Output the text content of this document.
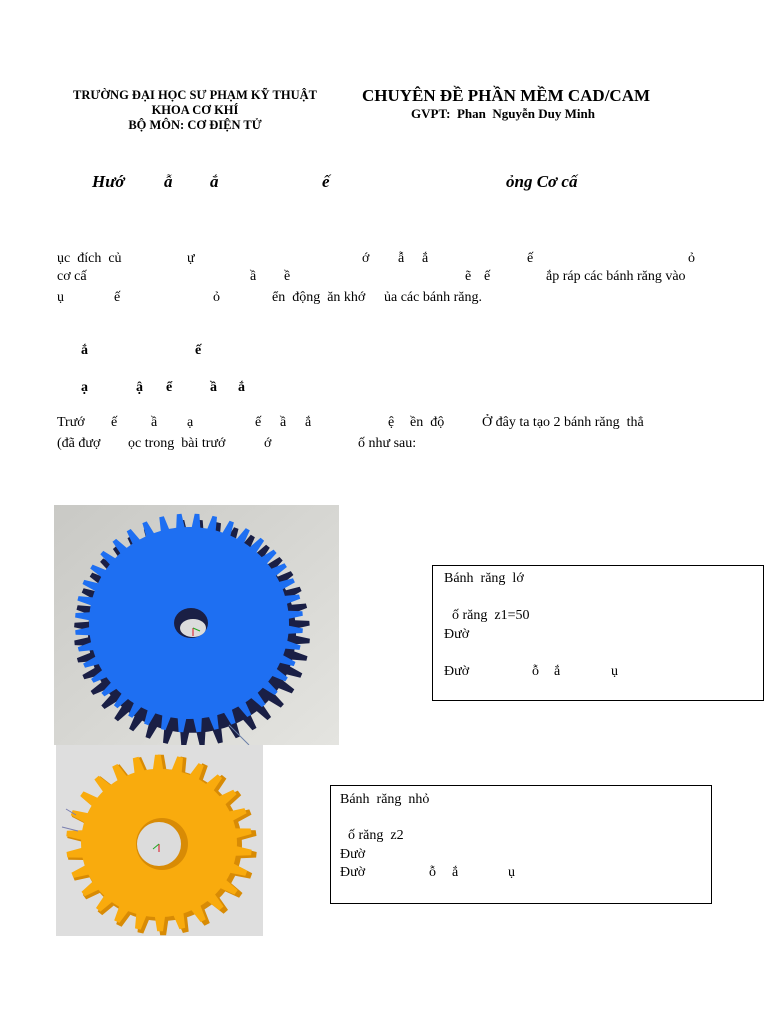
TRƯỜNG ĐẠI HỌC SƯ PHẠM KỸ THUẬT
KHOA CƠ KHÍ
BỘ MÔN: CƠ ĐIỆN TỬ
CHUYÊN ĐỀ PHẦN MỀM CAD/CAM
GVPT:  Phan  Nguyễn Duy Minh
Hướ ẫ ắ	ế	ỏng Cơ cấ
ục  đích  củ	ự	ớ ẫ ắ	ế	ỏ
cơ cấ	ầ ề	ẽ ế	ắp ráp các bánh răng vào
ụ	ế	ỏ	ển  động  ăn khớ ủa các bánh răng.
ắ	ế
ạ	ậ ể	ầ ắ
Trướ ế ầ ạ	ế ầ ắ	ệ ền  độ	Ở đây ta tạo 2 bánh răng  thẳ
(đã đượ ọc trong  bài trướ	ớ	ố như sau:
Bánh  răng  lớ
ố răng  z1=50
Đườ
Đườ	ỗ ắ	ụ
Bánh  răng  nhỏ
ố răng  z2
Đườ
Đườ	ỗ ắ	ụ
